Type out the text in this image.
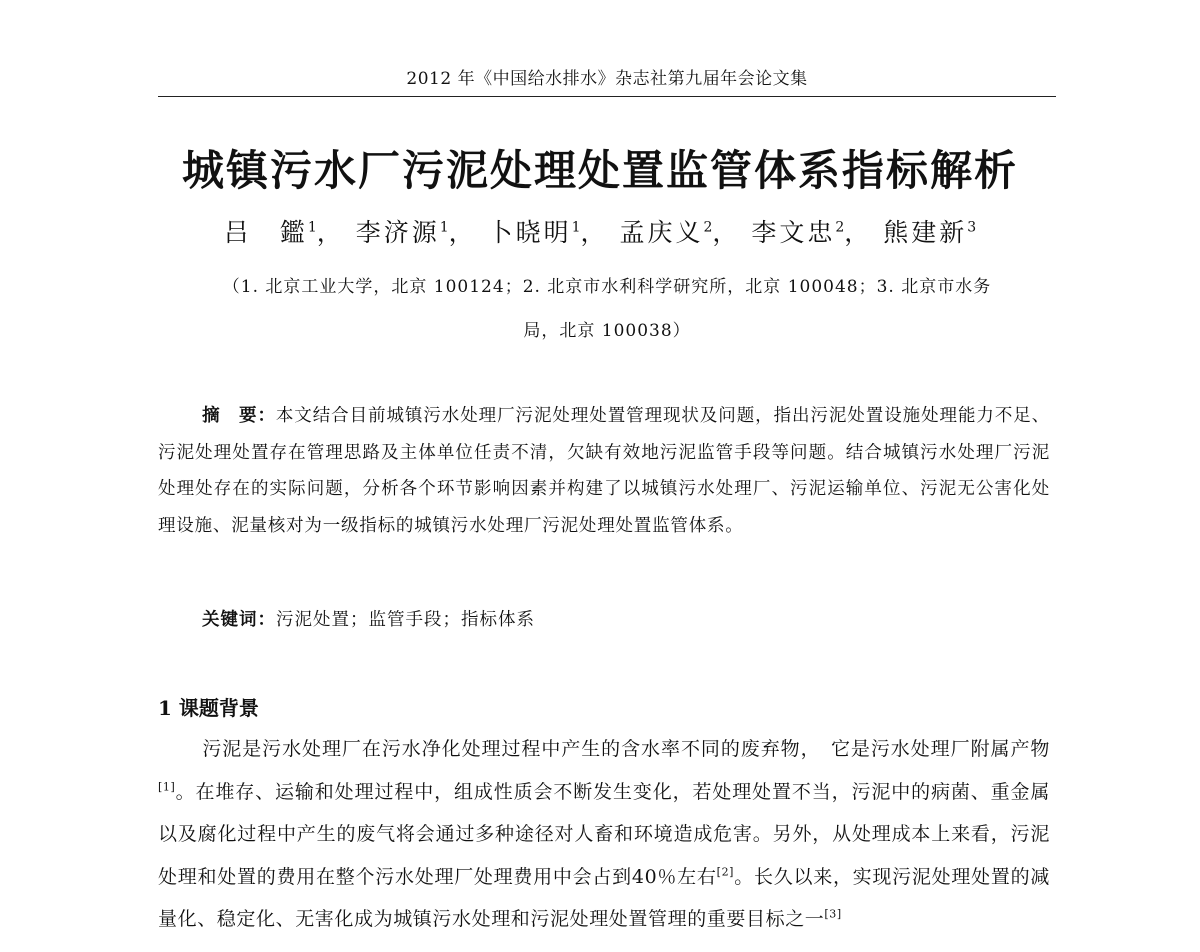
2012 年《中国给水排水》杂志社第九届年会论文集
城镇污水厂污泥处理处置监管体系指标解析
吕　鑑$^1$， 李济源$^1$， 卜晓明$^1$， 孟庆义$^2$， 李文忠$^2$， 熊建新$^3$
（1. 北京工业大学，北京 100124；2. 北京市水利科学研究所，北京 100048；3. 北京市水务
局，北京 100038）

摘　要：本文结合目前城镇污水处理厂污泥处理处置管理现状及问题，指出污泥处置设施处理能力不足、污泥处理处置存在管理思路及主体单位任责不清，欠缺有效地污泥监管手段等问题。结合城镇污水处理厂污泥处理处存在的实际问题，分析各个环节影响因素并构建了以城镇污水处理厂、污泥运输单位、污泥无公害化处理设施、泥量核对为一级指标的城镇污水处理厂污泥处理处置监管体系。

关键词：污泥处置；监管手段；指标体系
1 课题背景

污泥是污水处理厂在污水净化处理过程中产生的含水率不同的废弃物，　它是污水处理厂附属产物[1]。在堆存、运输和处理过程中，组成性质会不断发生变化，若处理处置不当，污泥中的病菌、重金属以及腐化过程中产生的废气将会通过多种途径对人畜和环境造成危害。另外，从处理成本上来看，污泥处理和处置的费用在整个污水处理厂处理费用中会占到40％左右[2]。长久以来，实现污泥处理处置的减量化、稳定化、无害化成为城镇污水处理和污泥处理处置管理的重要目标之一[3]
